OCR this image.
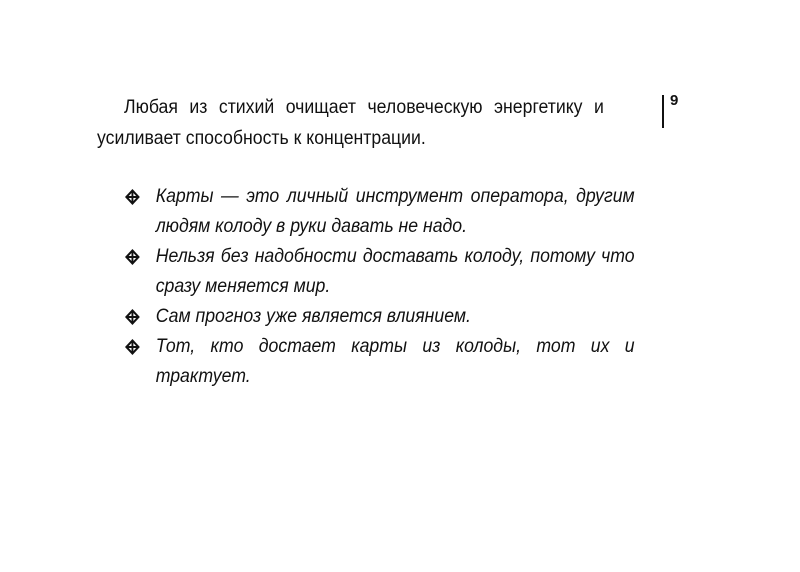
Любая из стихий очищает человеческую энергетику и усиливает способность к концентрации.

9
Карты — это личный инструмент оператора, другим людям колоду в руки давать не надо.
Нельзя без надобности доставать колоду, потому что сразу меняется мир.
Сам прогноз уже является влиянием.
Тот, кто достает карты из колоды, тот их и трактует.
